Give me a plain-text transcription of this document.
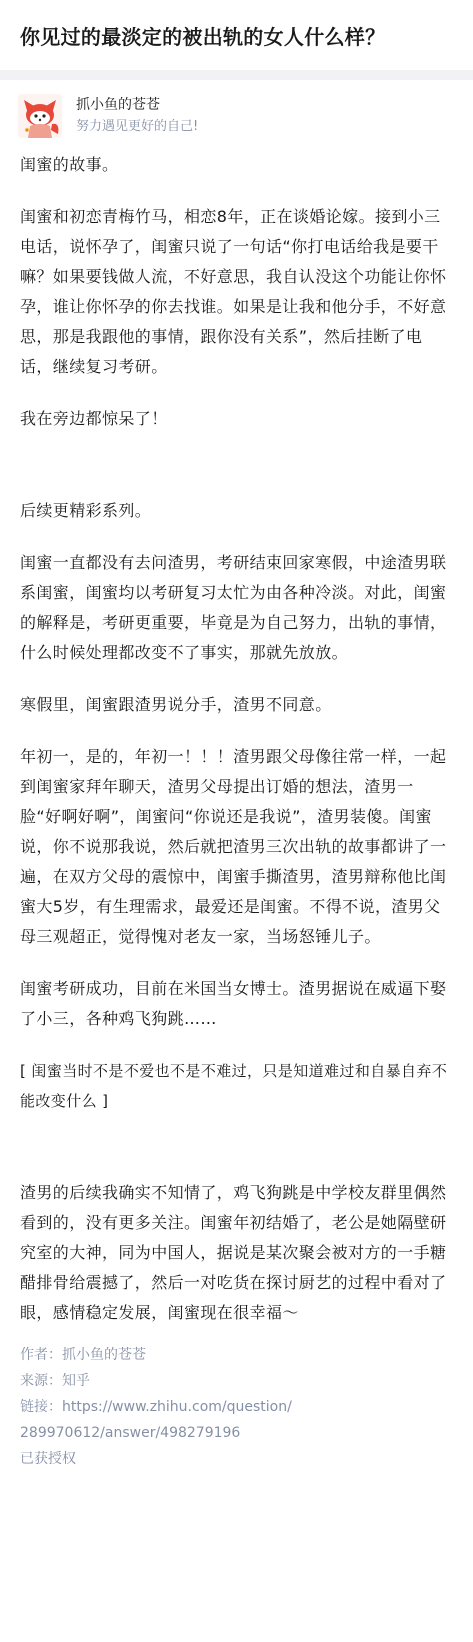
你见过的最淡定的被出轨的女人什么样？
抓小鱼的苍苍
努力遇见更好的自己!

闺蜜的故事。

闺蜜和初恋青梅竹马，相恋8年，正在谈婚论嫁。接到小三电话，说怀孕了，闺蜜只说了一句话“你打电话给我是要干嘛？如果要钱做人流，不好意思，我自认没这个功能让你怀孕，谁让你怀孕的你去找谁。如果是让我和他分手，不好意思，那是我跟他的事情，跟你没有关系”，然后挂断了电话，继续复习考研。

我在旁边都惊呆了！

后续更精彩系列。

闺蜜一直都没有去问渣男，考研结束回家寒假，中途渣男联系闺蜜，闺蜜均以考研复习太忙为由各种冷淡。对此，闺蜜的解释是，考研更重要，毕竟是为自己努力，出轨的事情，什么时候处理都改变不了事实，那就先放放。

寒假里，闺蜜跟渣男说分手，渣男不同意。

年初一，是的，年初一！！！渣男跟父母像往常一样，一起到闺蜜家拜年聊天，渣男父母提出订婚的想法，渣男一脸“好啊好啊”，闺蜜问“你说还是我说”，渣男装傻。闺蜜说，你不说那我说，然后就把渣男三次出轨的故事都讲了一遍，在双方父母的震惊中，闺蜜手撕渣男，渣男辩称他比闺蜜大5岁，有生理需求，最爱还是闺蜜。不得不说，渣男父母三观超正，觉得愧对老友一家，当场怒锤儿子。

闺蜜考研成功，目前在米国当女博士。渣男据说在威逼下娶了小三，各种鸡飞狗跳……

[ 闺蜜当时不是不爱也不是不难过，只是知道难过和自暴自弃不能改变什么 ]

渣男的后续我确实不知情了，鸡飞狗跳是中学校友群里偶然看到的，没有更多关注。闺蜜年初结婚了，老公是她隔壁研究室的大神，同为中国人，据说是某次聚会被对方的一手糖醋排骨给震撼了，然后一对吃货在探讨厨艺的过程中看对了眼，感情稳定发展，闺蜜现在很幸福～

作者：抓小鱼的苍苍
来源：知乎
链接：https://www.zhihu.com/question/
289970612/answer/498279196
已获授权
